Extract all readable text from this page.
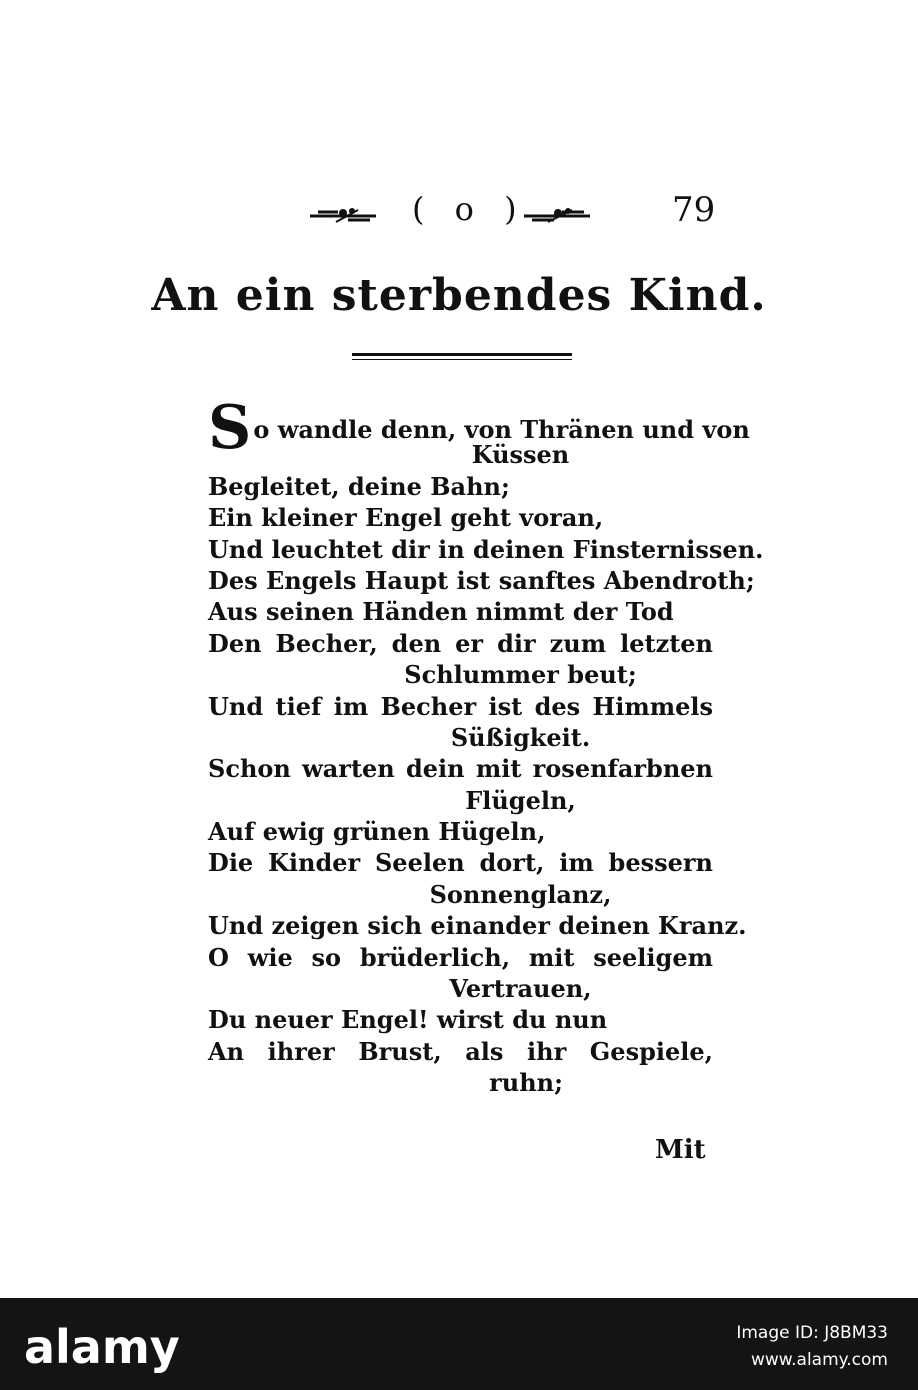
( o )	79
An ein sterbendes Kind.
So wandle denn, von Thränen und von
Küssen
Begleitet, deine Bahn;
Ein kleiner Engel geht voran,
Und leuchtet dir in deinen Finsternissen.
Des Engels Haupt ist sanftes Abendroth;
Aus seinen Händen nimmt der Tod
Den Becher, den er dir zum letzten
Schlummer beut;
Und tief im Becher ist des Himmels
Süßigkeit.
Schon warten dein mit rosenfarbnen
Flügeln,
Auf ewig grünen Hügeln,
Die Kinder Seelen dort, im bessern
Sonnenglanz,
Und zeigen sich einander deinen Kranz.
O wie so brüderlich, mit seeligem
Vertrauen,
Du neuer Engel! wirst du nun
An ihrer Brust, als ihr Gespiele,
ruhn;
Mit
alamy	Image ID: J8BM33
www.alamy.com
